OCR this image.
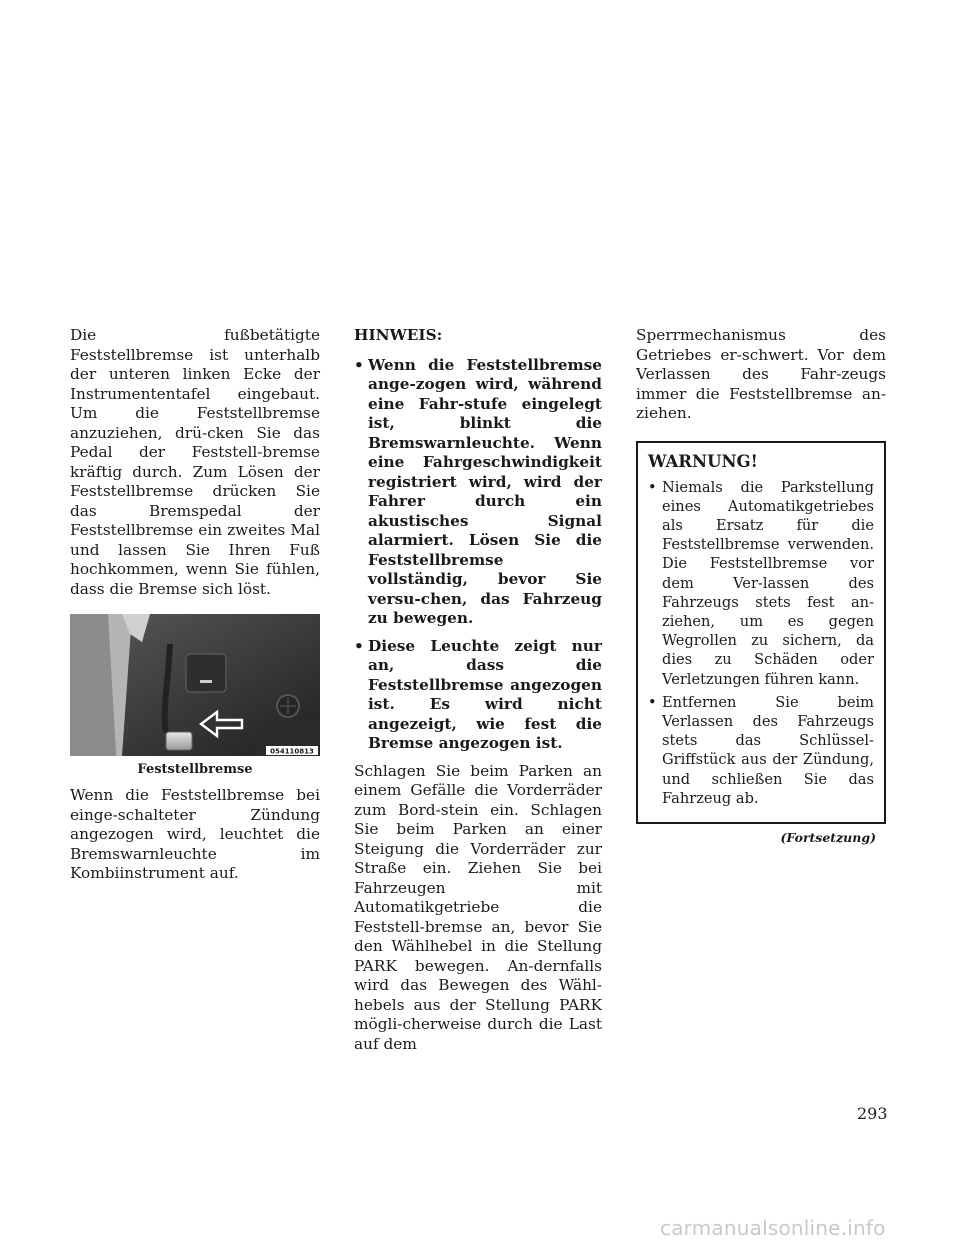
Die fußbetätigte Feststellbremse ist unterhalb der unteren linken Ecke der Instrumententafel eingebaut. Um die Feststellbremse anzuziehen, drü-cken Sie das Pedal der Feststell-bremse kräftig durch. Zum Lösen der Feststellbremse drücken Sie das Bremspedal der Feststellbremse ein zweites Mal und lassen Sie Ihren Fuß hochkommen, wenn Sie fühlen, dass die Bremse sich löst.

054110813
Feststellbremse

Wenn die Feststellbremse bei einge-schalteter Zündung angezogen wird, leuchtet die Bremswarnleuchte im Kombiinstrument auf.

HINWEIS:

• Wenn die Feststellbremse ange-zogen wird, während eine Fahr-stufe eingelegt ist, blinkt die Bremswarnleuchte. Wenn eine Fahrgeschwindigkeit registriert wird, wird der Fahrer durch ein akustisches Signal alarmiert. Lösen Sie die Feststellbremse vollständig, bevor Sie versu-chen, das Fahrzeug zu bewegen.
• Diese Leuchte zeigt nur an, dass die Feststellbremse angezogen ist. Es wird nicht angezeigt, wie fest die Bremse angezogen ist.

Schlagen Sie beim Parken an einem Gefälle die Vorderräder zum Bord-stein ein. Schlagen Sie beim Parken an einer Steigung die Vorderräder zur Straße ein. Ziehen Sie bei Fahrzeugen mit Automatikgetriebe die Feststell-bremse an, bevor Sie den Wählhebel in die Stellung PARK bewegen. An-dernfalls wird das Bewegen des Wähl-hebels aus der Stellung PARK mögli-cherweise durch die Last auf dem

Sperrmechanismus des Getriebes er-schwert. Vor dem Verlassen des Fahr-zeugs immer die Feststellbremse an-ziehen.

WARNUNG!
• Niemals die Parkstellung eines Automatikgetriebes als Ersatz für die Feststellbremse verwenden. Die Feststellbremse vor dem Ver-lassen des Fahrzeugs stets fest an-ziehen, um es gegen Wegrollen zu sichern, da dies zu Schäden oder Verletzungen führen kann.
• Entfernen Sie beim Verlassen des Fahrzeugs stets das Schlüssel-Griffstück aus der Zündung, und schließen Sie das Fahrzeug ab.
(Fortsetzung)
293
carmanualsonline.info
